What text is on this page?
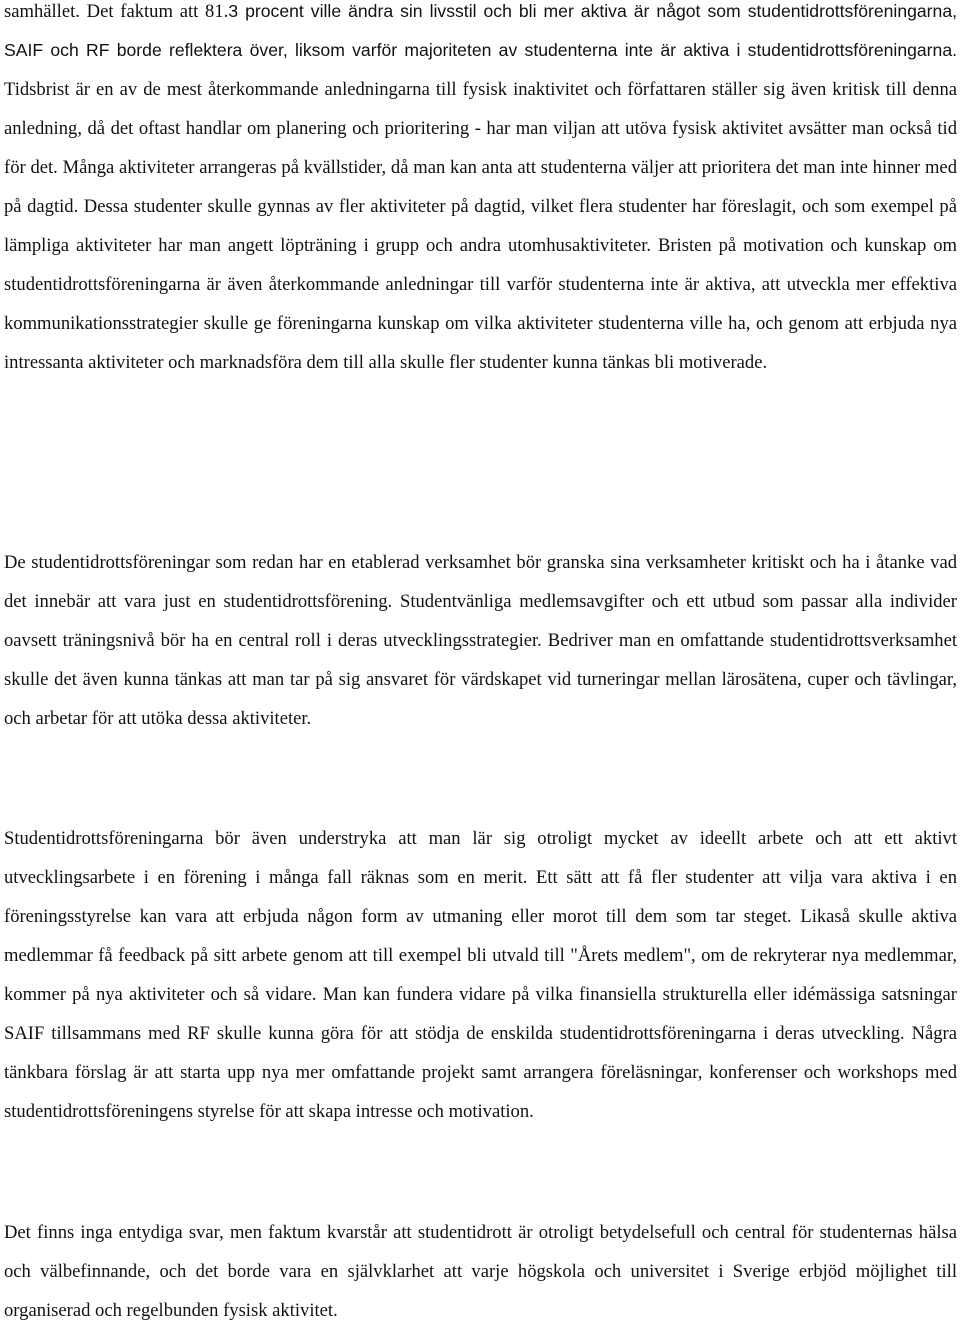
samhället. Det faktum att 81.3 procent ville ändra sin livsstil och bli mer aktiva är något som studentidrottsföreningarna, SAIF och RF borde reflektera över, liksom varför majoriteten av studenterna inte är aktiva i studentidrottsföreningarna. Tidsbrist är en av de mest återkommande anledningarna till fysisk inaktivitet och författaren ställer sig även kritisk till denna anledning, då det oftast handlar om planering och prioritering - har man viljan att utöva fysisk aktivitet avsätter man också tid för det. Många aktiviteter arrangeras på kvällstider, då man kan anta att studenterna väljer att prioritera det man inte hinner med på dagtid. Dessa studenter skulle gynnas av fler aktiviteter på dagtid, vilket flera studenter har föreslagit, och som exempel på lämpliga aktiviteter har man angett löpträning i grupp och andra utomhusaktiviteter. Bristen på motivation och kunskap om studentidrottsföreningarna är även återkommande anledningar till varför studenterna inte är aktiva, att utveckla mer effektiva kommunikationsstrategier skulle ge föreningarna kunskap om vilka aktiviteter studenterna ville ha, och genom att erbjuda nya intressanta aktiviteter och marknadsföra dem till alla skulle fler studenter kunna tänkas bli motiverade.

De studentidrottsföreningar som redan har en etablerad verksamhet bör granska sina verksamheter kritiskt och ha i åtanke vad det innebär att vara just en studentidrottsförening. Studentvänliga medlemsavgifter och ett utbud som passar alla individer oavsett träningsnivå bör ha en central roll i deras utvecklingsstrategier. Bedriver man en omfattande studentidrottsverksamhet skulle det även kunna tänkas att man tar på sig ansvaret för värdskapet vid turneringar mellan lärosätena, cuper och tävlingar, och arbetar för att utöka dessa aktiviteter.

Studentidrottsföreningarna bör även understryka att man lär sig otroligt mycket av ideellt arbete och att ett aktivt utvecklingsarbete i en förening i många fall räknas som en merit. Ett sätt att få fler studenter att vilja vara aktiva i en föreningsstyrelse kan vara att erbjuda någon form av utmaning eller morot till dem som tar steget. Likaså skulle aktiva medlemmar få feedback på sitt arbete genom att till exempel bli utvald till "Årets medlem", om de rekryterar nya medlemmar, kommer på nya aktiviteter och så vidare. Man kan fundera vidare på vilka finansiella strukturella eller idémässiga satsningar SAIF tillsammans med RF skulle kunna göra för att stödja de enskilda studentidrottsföreningarna i deras utveckling. Några tänkbara förslag är att starta upp nya mer omfattande projekt samt arrangera föreläsningar, konferenser och workshops med studentidrottsföreningens styrelse för att skapa intresse och motivation.

Det finns inga entydiga svar, men faktum kvarstår att studentidrott är otroligt betydelsefull och central för studenternas hälsa och välbefinnande, och det borde vara en självklarhet att varje högskola och universitet i Sverige erbjöd möjlighet till organiserad och regelbunden fysisk aktivitet.
